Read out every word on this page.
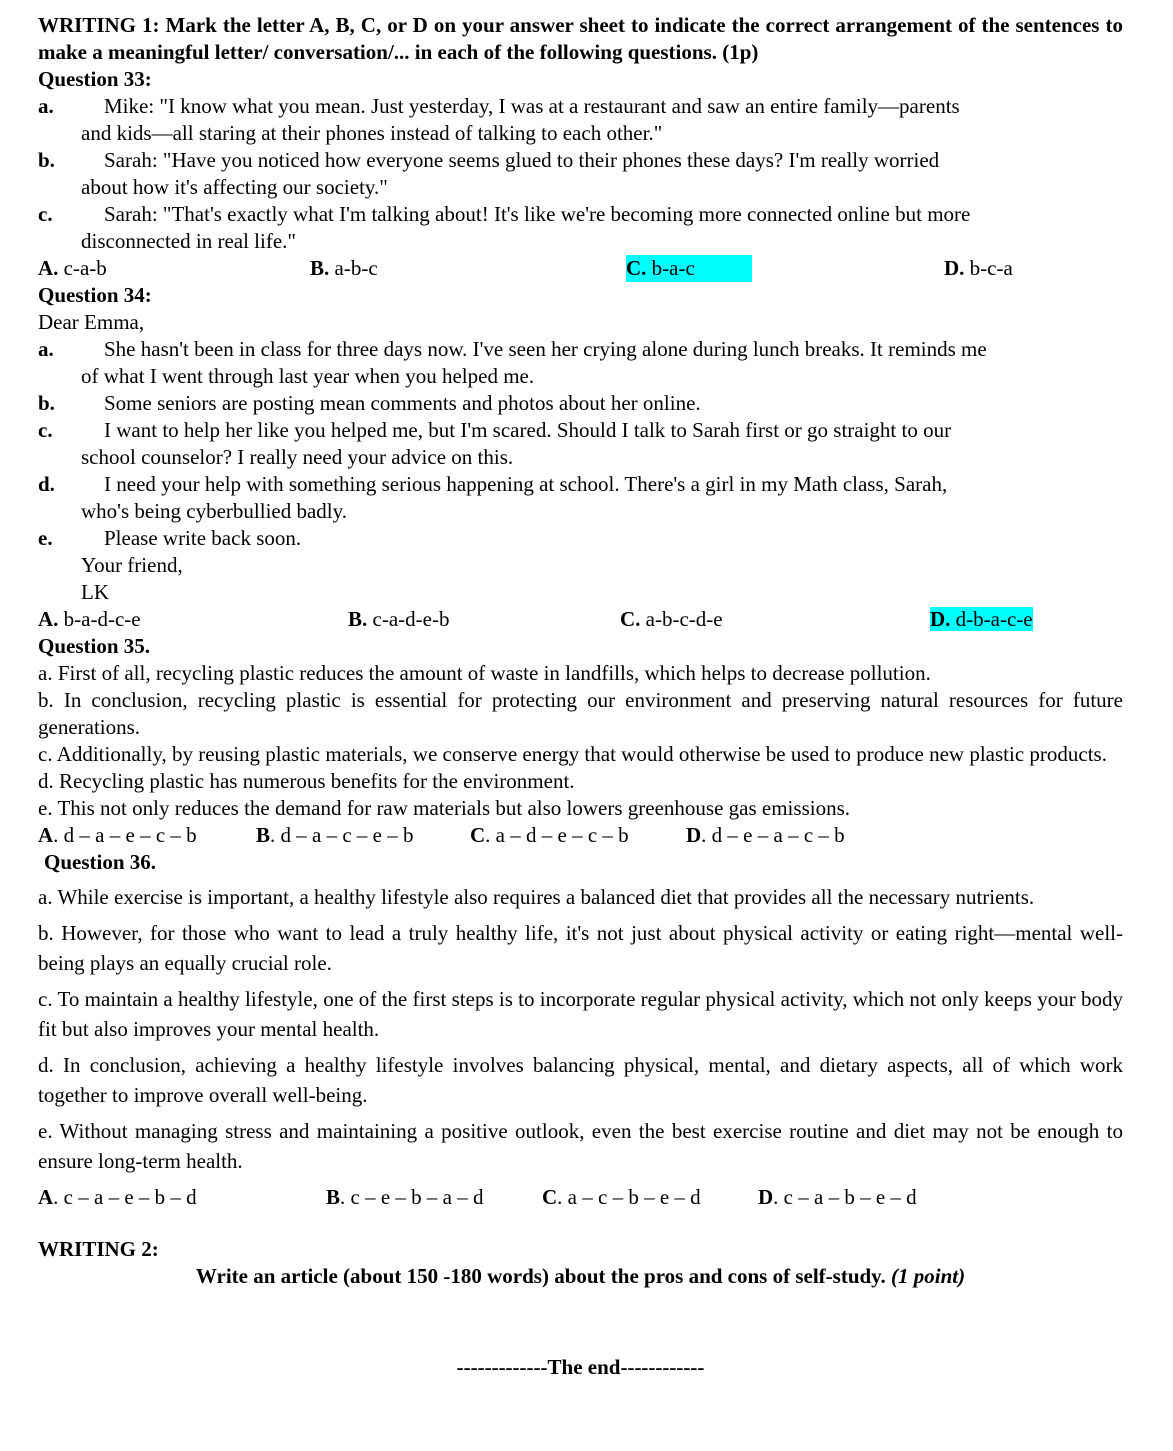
WRITING 1: Mark the letter A, B, C, or D on your answer sheet to indicate the correct arrangement of the sentences to make a meaningful letter/ conversation/... in each of the following questions. (1p)
Question 33:
a.	Mike: "I know what you mean. Just yesterday, I was at a restaurant and saw an entire family—parents
and kids—all staring at their phones instead of talking to each other."
b.	Sarah: "Have you noticed how everyone seems glued to their phones these days? I'm really worried
about how it's affecting our society."
c.	Sarah: "That's exactly what I'm talking about! It's like we're becoming more connected online but more
disconnected in real life."
A. c-a-b	B. a-b-c	C. b-a-c	D. b-c-a
Question 34:
Dear Emma,
a.	She hasn't been in class for three days now. I've seen her crying alone during lunch breaks. It reminds me
of what I went through last year when you helped me.
b.	Some seniors are posting mean comments and photos about her online.
c.	I want to help her like you helped me, but I'm scared. Should I talk to Sarah first or go straight to our
school counselor? I really need your advice on this.
d.	I need your help with something serious happening at school. There's a girl in my Math class, Sarah,
who's being cyberbullied badly.
e.	Please write back soon.
Your friend,
LK
A. b-a-d-c-e	B. c-a-d-e-b	C. a-b-c-d-e	D. d-b-a-c-e
Question 35.
a. First of all, recycling plastic reduces the amount of waste in landfills, which helps to decrease pollution.
b. In conclusion, recycling plastic is essential for protecting our environment and preserving natural resources for future generations.
c. Additionally, by reusing plastic materials, we conserve energy that would otherwise be used to produce new plastic products.
d. Recycling plastic has numerous benefits for the environment.
e. This not only reduces the demand for raw materials but also lowers greenhouse gas emissions.
A. d – a – e – c – b	B. d – a – c – e – b	C. a – d – e – c – b	D. d – e – a – c – b
Question 36.
a. While exercise is important, a healthy lifestyle also requires a balanced diet that provides all the necessary nutrients.
b. However, for those who want to lead a truly healthy life, it's not just about physical activity or eating right—mental well-being plays an equally crucial role.
c. To maintain a healthy lifestyle, one of the first steps is to incorporate regular physical activity, which not only keeps your body fit but also improves your mental health.
d. In conclusion, achieving a healthy lifestyle involves balancing physical, mental, and dietary aspects, all of which work together to improve overall well-being.
e. Without managing stress and maintaining a positive outlook, even the best exercise routine and diet may not be enough to ensure long-term health.
A. c – a – e – b – d	B. c – e – b – a – d	C. a – c – b – e – d	D. c – a – b – e – d
WRITING 2:
Write an article (about 150 -180 words) about the pros and cons of self-study. (1 point)
-------------The end------------
